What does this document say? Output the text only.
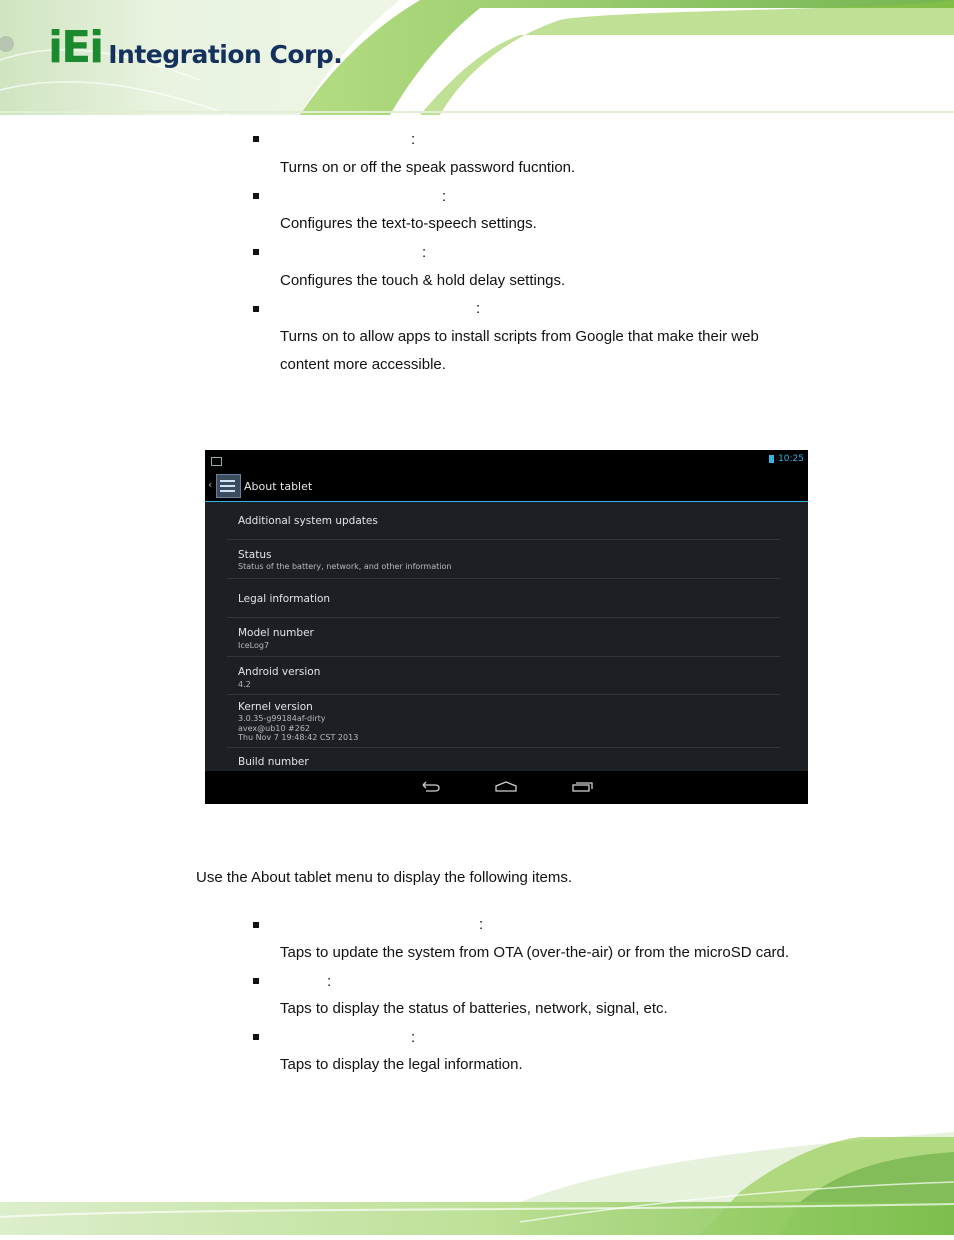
iEi Integration Corp.
:
Turns on or off the speak password fucntion.
:
Configures the text-to-speech settings.
:
Configures the touch & hold delay settings.
:
Turns on to allow apps to install scripts from Google that make their web content more accessible.
10:25
‹	About tablet
Additional system updates
Status
Status of the battery, network, and other information
Legal information
Model number
IceLog7
Android version
4.2
Kernel version
3.0.35-g99184af-dirty
avex@ub10 #262
Thu Nov 7 19:48:42 CST 2013
Build number
Use the About tablet menu to display the following items.
:
Taps to update the system from OTA (over-the-air) or from the microSD card.
:
Taps to display the status of batteries, network, signal, etc.
:
Taps to display the legal information.
